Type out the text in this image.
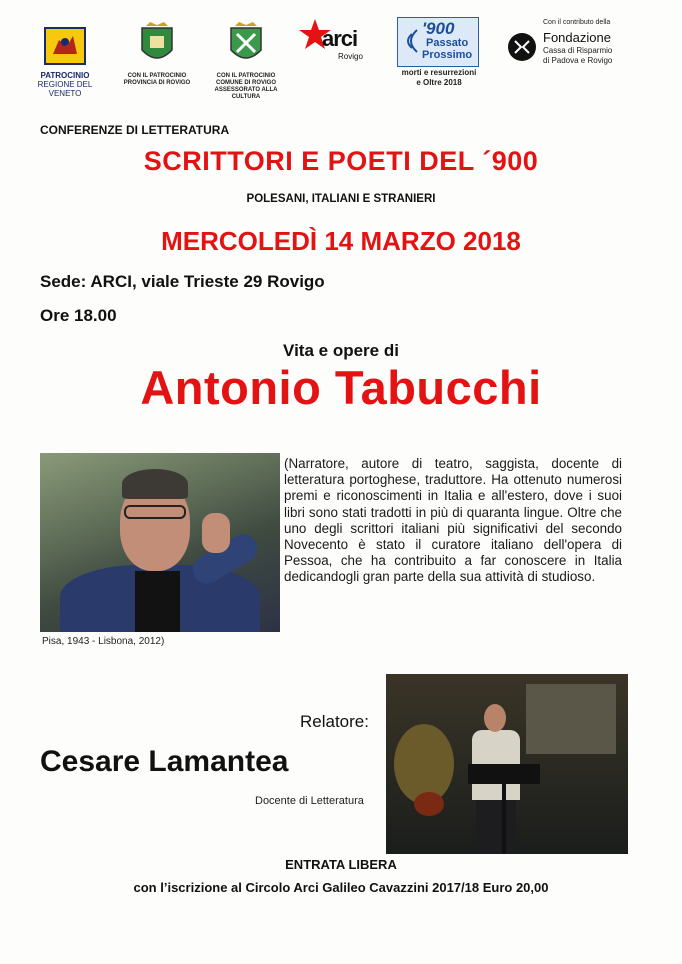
PATROCINIO
REGIONE DEL VENETO
CON IL PATROCINIO
PROVINCIA DI ROVIGO
CON IL PATROCINIO
COMUNE DI ROVIGO
ASSESSORATO ALLA CULTURA
arci
Rovigo
'900
Passato
Prossimo
morti e resurrezioni
e Oltre 2018
Con il contributo della
Fondazione
Cassa di Risparmio
di Padova e Rovigo
CONFERENZE DI LETTERATURA
SCRITTORI E POETI DEL ´900
POLESANI, ITALIANI E STRANIERI
MERCOLEDÌ 14 MARZO 2018
Sede: ARCI, viale Trieste 29 Rovigo
Ore 18.00
Vita e opere di
Antonio Tabucchi
Pisa, 1943 - Lisbona, 2012)
(Narratore, autore di teatro, saggista, docente di letteratura portoghese, traduttore. Ha ottenuto numerosi premi e riconoscimenti in Italia e all'estero, dove i suoi libri sono stati tradotti in più di quaranta lingue. Oltre che uno degli scrittori italiani più significativi del secondo Novecento è stato il curatore italiano dell'opera di Pessoa, che ha contribuito a far conoscere in Italia dedicandogli gran parte della sua attività di studioso.
Relatore:
Cesare Lamantea
Docente di Letteratura
ENTRATA LIBERA
con l’iscrizione al Circolo Arci Galileo Cavazzini 2017/18 Euro 20,00
